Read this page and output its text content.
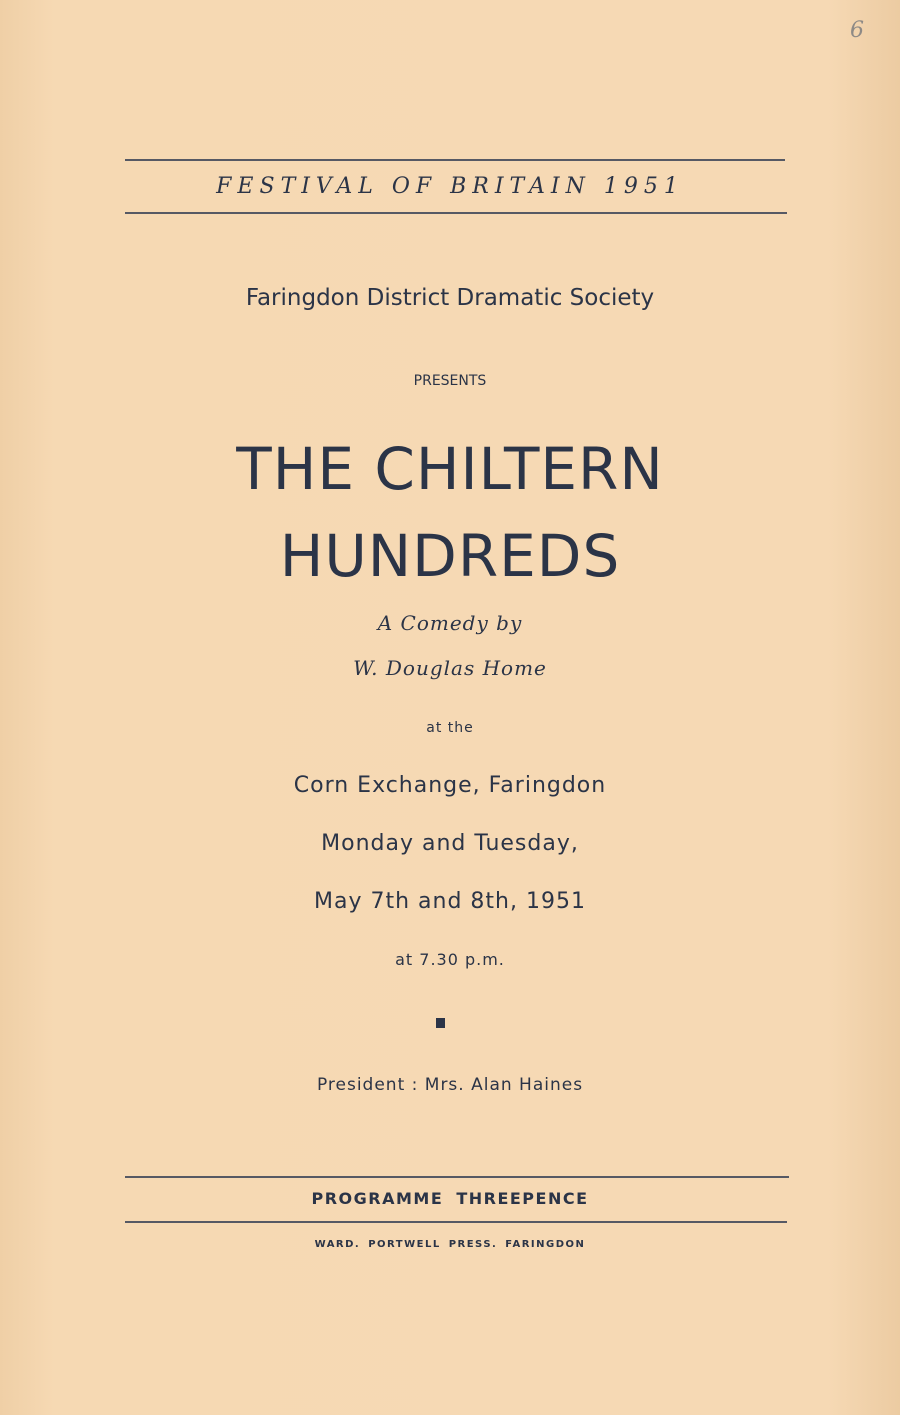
6
FESTIVAL OF BRITAIN 1951
Faringdon District Dramatic Society
PRESENTS
THE CHILTERN
HUNDREDS
A Comedy by
W. Douglas Home
at the
Corn Exchange, Faringdon
Monday and Tuesday,
May 7th and 8th, 1951
at 7.30 p.m.
President : Mrs. Alan Haines
PROGRAMME THREEPENCE
WARD. PORTWELL PRESS. FARINGDON
